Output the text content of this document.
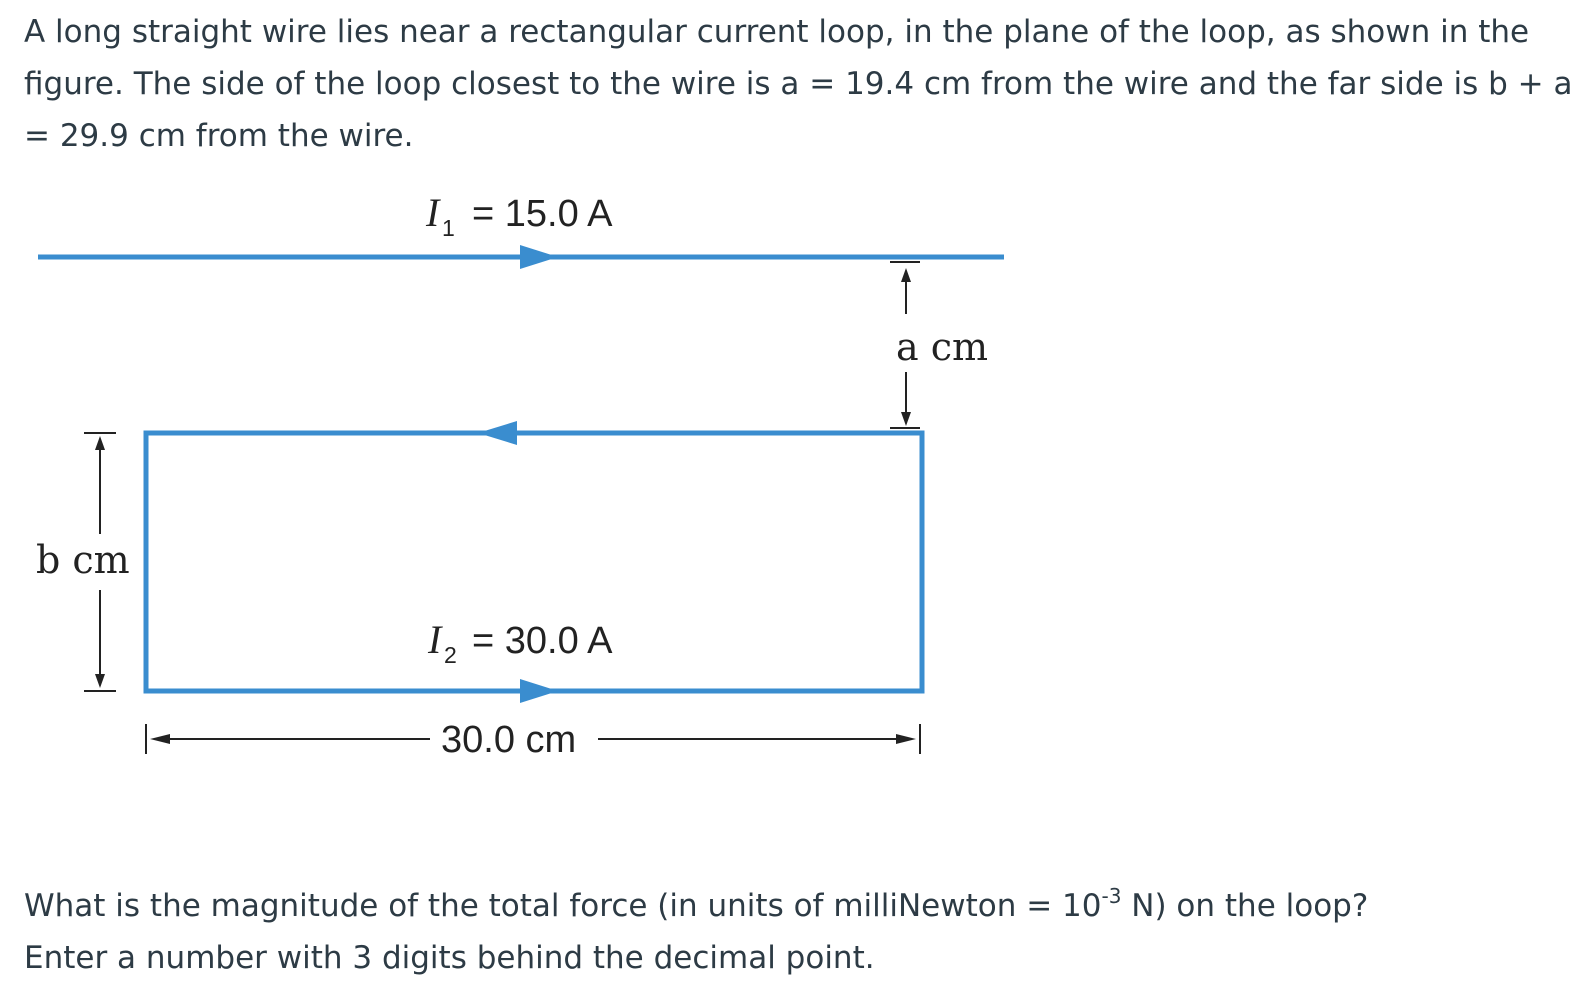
A long straight wire lies near a rectangular current loop, in the plane of the loop, as shown in the figure. The side of the loop closest to the wire is a = 19.4 cm from the wire and the far side is b + a = 29.9 cm from the wire.

I 1 = 15.0 A
I 2 = 30.0 A
a cm
b cm
30.0 cm

What is the magnitude of the total force (in units of milliNewton = $10^{-3}$ N) on the loop?
Enter a number with 3 digits behind the decimal point.
